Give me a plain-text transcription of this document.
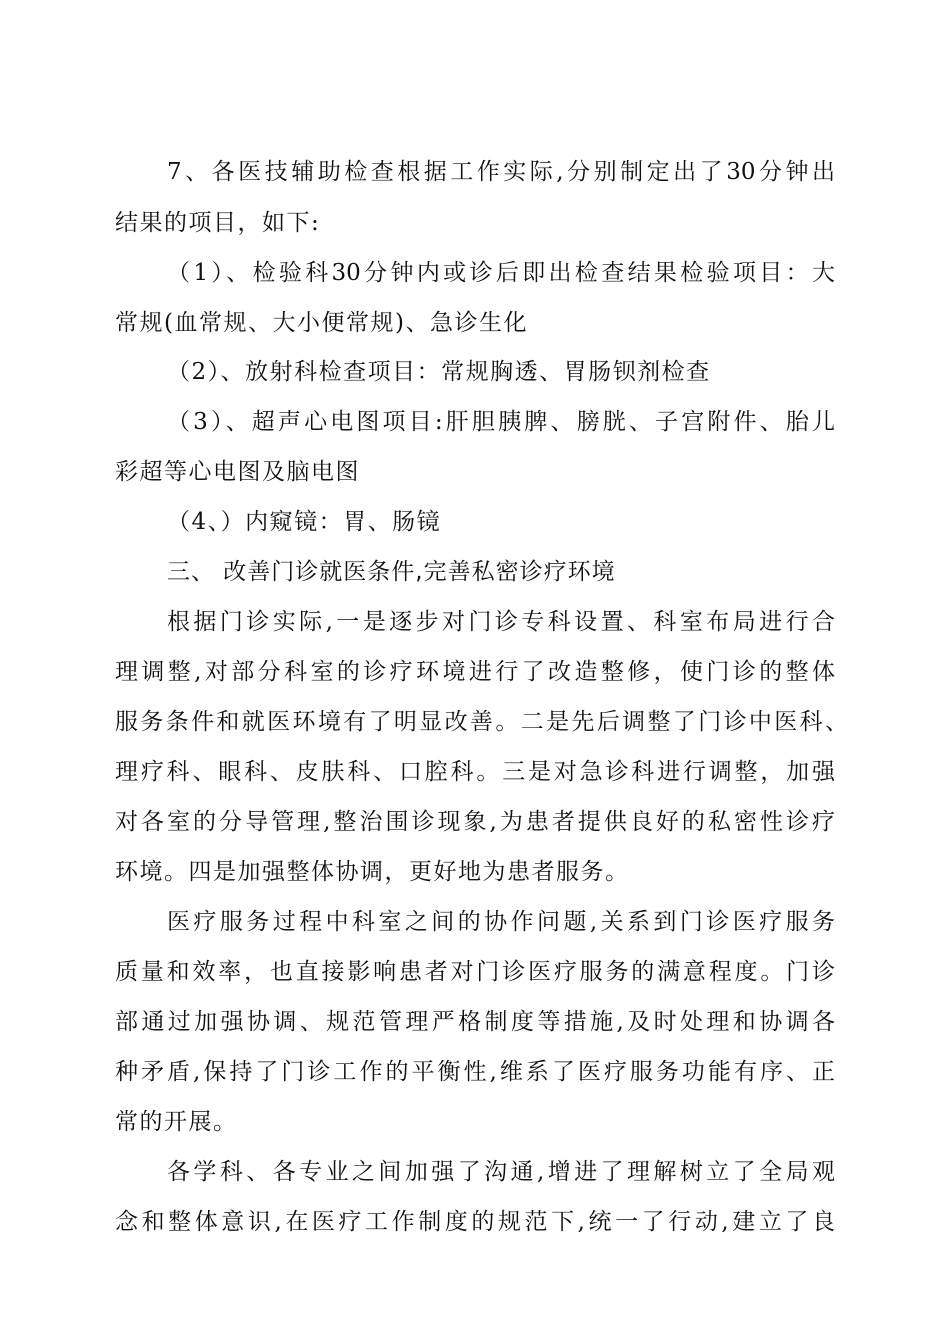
7、各医技辅助检查根据工作实际,分别制定出了30分钟出
结果的项目，如下:
（1）、检验科30分钟内或诊后即出检查结果检验项目：大
常规(血常规、大小便常规)、急诊生化
（2）、放射科检查项目：常规胸透、胃肠钡剂检查
（3）、超声心电图项目:肝胆胰脾、膀胱、子宫附件、胎儿
彩超等心电图及脑电图
（4、）内窥镜：胃、肠镜
三、 改善门诊就医条件,完善私密诊疗环境
根据门诊实际,一是逐步对门诊专科设置、科室布局进行合
理调整,对部分科室的诊疗环境进行了改造整修，使门诊的整体
服务条件和就医环境有了明显改善。二是先后调整了门诊中医科、
理疗科、眼科、皮肤科、口腔科。三是对急诊科进行调整，加强
对各室的分导管理,整治围诊现象,为患者提供良好的私密性诊疗
环境。四是加强整体协调，更好地为患者服务。
医疗服务过程中科室之间的协作问题,关系到门诊医疗服务
质量和效率，也直接影响患者对门诊医疗服务的满意程度。门诊
部通过加强协调、规范管理严格制度等措施,及时处理和协调各
种矛盾,保持了门诊工作的平衡性,维系了医疗服务功能有序、正
常的开展。
各学科、各专业之间加强了沟通,增进了理解树立了全局观
念和整体意识,在医疗工作制度的规范下,统一了行动,建立了良
